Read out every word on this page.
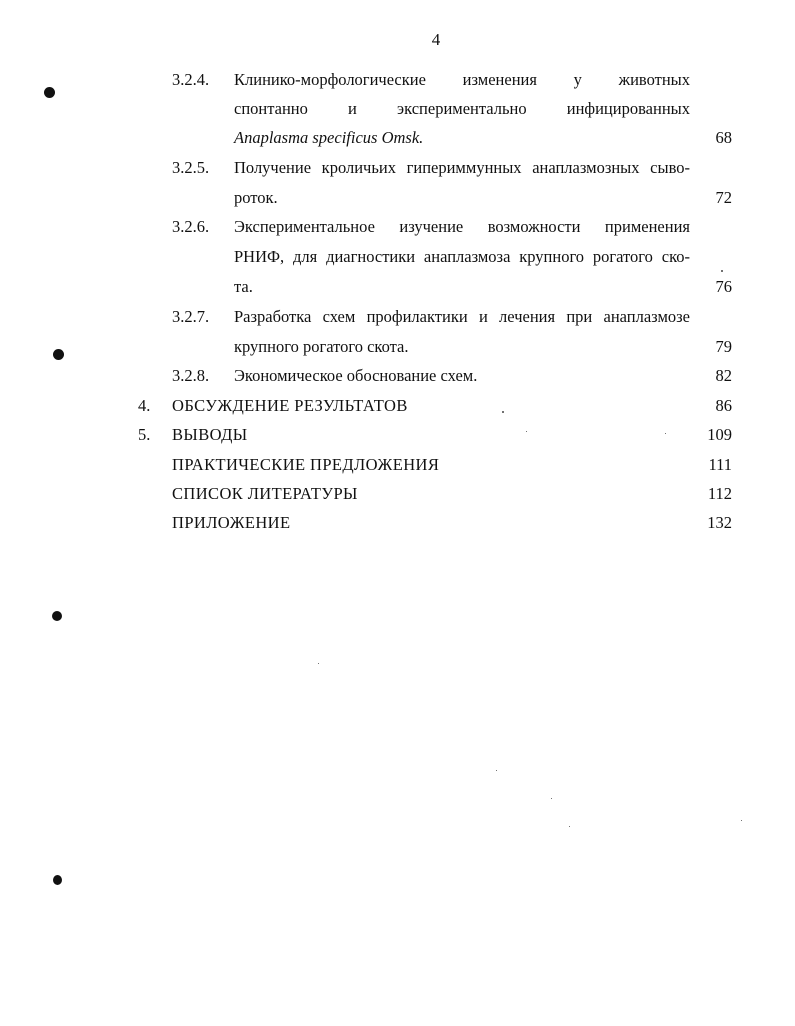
4
3.2.4. Клинико-морфологические изменения у животных
спонтанно и экспериментально инфицированных
Anaplasma specificus Omsk.	68
3.2.5. Получение кроличьих гипериммунных анаплазмозных сыво-
роток.	72
3.2.6. Экспериментальное изучение возможности применения
РНИФ, для диагностики анаплазмоза крупного рогатого ско-
та.	76
3.2.7. Разработка схем профилактики и лечения при анаплазмозе
крупного рогатого скота.	79
3.2.8. Экономическое обоснование схем.	82
4. ОБСУЖДЕНИЕ РЕЗУЛЬТАТОВ	86
5. ВЫВОДЫ	109
ПРАКТИЧЕСКИЕ ПРЕДЛОЖЕНИЯ	111
СПИСОК ЛИТЕРАТУРЫ	112
ПРИЛОЖЕНИЕ	132
